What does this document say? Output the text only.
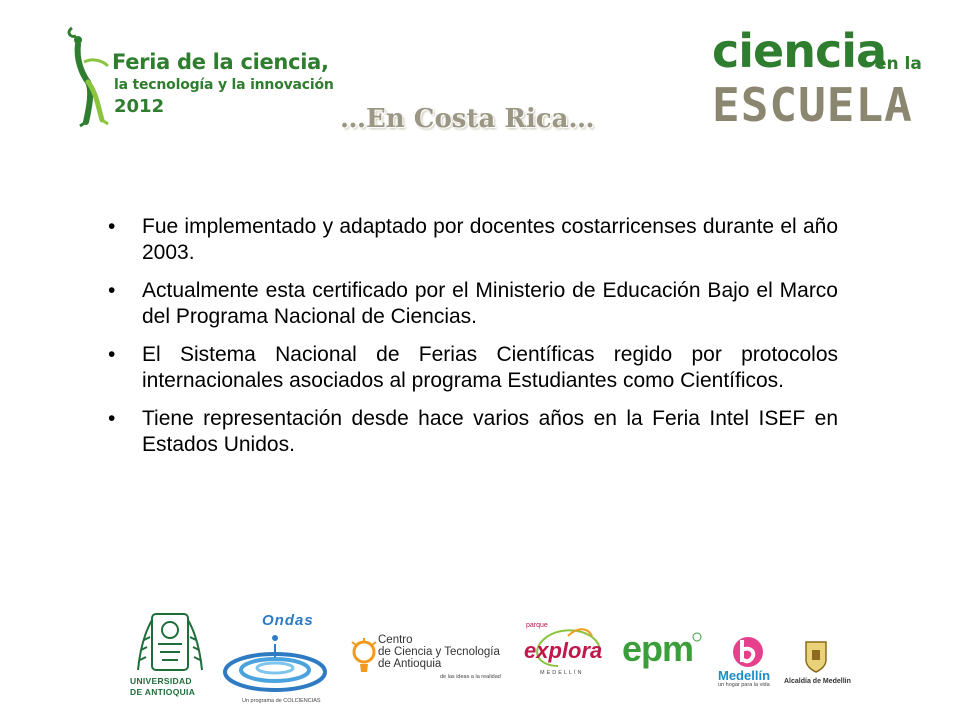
Feria de la ciencia,
la tecnología y la innovación
2012
ciencia
en la
ESCUELA
…En Costa Rica…
• Fue implementado y adaptado por docentes costarricenses durante el año 2003.
• Actualmente esta certificado por el Ministerio de Educación Bajo el Marco del Programa Nacional de Ciencias.
• El Sistema Nacional de Ferias Científicas regido por protocolos internacionales asociados al programa Estudiantes como Científicos.
• Tiene representación desde hace varios años en la Feria Intel ISEF en Estados Unidos.
UNIVERSIDAD
DE ANTIOQUIA
Ondas
Un programa de COLCIENCIAS
Centro
de Ciencia y Tecnología
de Antioquia
de las ideas a la realidad
parque
explora
MEDELLÍN
epm
Medellín
un hogar para la vida Alcaldía de Medellín
